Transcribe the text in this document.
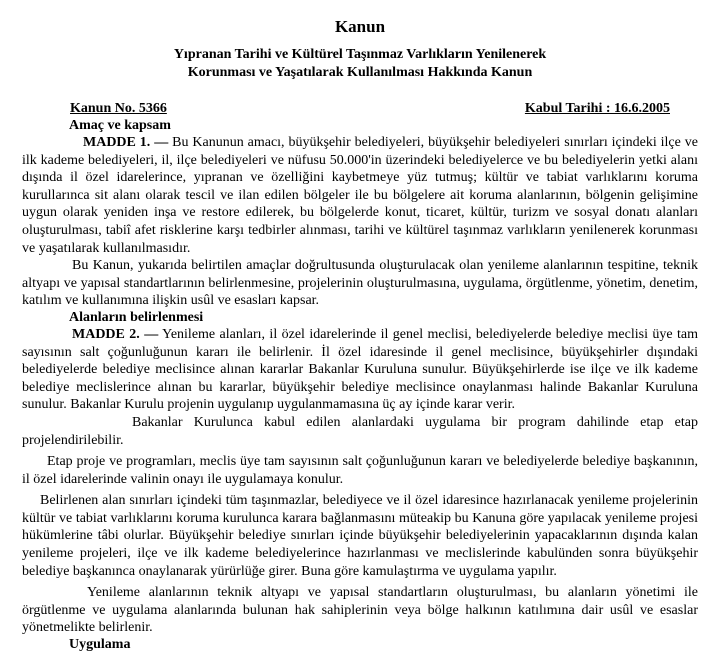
Kanun
Yıpranan Tarihi ve Kültürel Taşınmaz Varlıkların Yenilenerek
Korunması ve Yaşatılarak Kullanılması Hakkında Kanun
Kanun No. 5366	Kabul Tarihi : 16.6.2005
Amaç ve kapsam

MADDE 1. — Bu Kanunun amacı, büyükşehir belediyeleri, büyükşehir belediyeleri sınırları içindeki ilçe ve ilk kademe belediyeleri, il, ilçe belediyeleri ve nüfusu 50.000'in üzerindeki belediyelerce ve bu belediyelerin yetki alanı dışında il özel idarelerince, yıpranan ve özelliğini kaybetmeye yüz tutmuş; kültür ve tabiat varlıklarını koruma kurullarınca sit alanı olarak tescil ve ilan edilen bölgeler ile bu bölgelere ait koruma alanlarının, bölgenin gelişimine uygun olarak yeniden inşa ve restore edilerek, bu bölgelerde konut, ticaret, kültür, turizm ve sosyal donatı alanları oluşturulması, tabiî afet risklerine karşı tedbirler alınması, tarihi ve kültürel taşınmaz varlıkların yenilenerek korunması ve yaşatılarak kullanılmasıdır.

Bu Kanun, yukarıda belirtilen amaçlar doğrultusunda oluşturulacak olan yenileme alanlarının tespitine, teknik altyapı ve yapısal standartlarının belirlenmesine, projelerinin oluşturulmasına, uygulama, örgütlenme, yönetim, denetim, katılım ve kullanımına ilişkin usûl ve esasları kapsar.

Alanların belirlenmesi

MADDE 2. — Yenileme alanları, il özel idarelerinde il genel meclisi, belediyelerde belediye meclisi üye tam sayısının salt çoğunluğunun kararı ile belirlenir. İl özel idaresinde il genel meclisince, büyükşehirler dışındaki belediyelerde belediye meclisince alınan kararlar Bakanlar Kuruluna sunulur. Büyükşehirlerde ise ilçe ve ilk kademe belediye meclislerince alınan bu kararlar, büyükşehir belediye meclisince onaylanması halinde Bakanlar Kuruluna sunulur. Bakanlar Kurulu projenin uygulanıp uygulanmamasına üç ay içinde karar verir.

Bakanlar Kurulunca kabul edilen alanlardaki uygulama bir program dahilinde etap etap projelendirilebilir.

Etap proje ve programları, meclis üye tam sayısının salt çoğunluğunun kararı ve belediyelerde belediye başkanının, il özel idarelerinde valinin onayı ile uygulamaya konulur.

Belirlenen alan sınırları içindeki tüm taşınmazlar, belediyece ve il özel idaresince hazırlanacak yenileme projelerinin kültür ve tabiat varlıklarını koruma kurulunca karara bağlanmasını müteakip bu Kanuna göre yapılacak yenileme projesi hükümlerine tâbi olurlar. Büyükşehir belediye sınırları içinde büyükşehir belediyelerinin yapacaklarının dışında kalan yenileme projeleri, ilçe ve ilk kademe belediyelerince hazırlanması ve meclislerinde kabulünden sonra büyükşehir belediye başkanınca onaylanarak yürürlüğe girer. Buna göre kamulaştırma ve uygulama yapılır.

Yenileme alanlarının teknik altyapı ve yapısal standartların oluşturulması, bu alanların yönetimi ile örgütlenme ve uygulama alanlarında bulunan hak sahiplerinin veya bölge halkının katılımına dair usûl ve esaslar yönetmelikte belirlenir.

Uygulama
